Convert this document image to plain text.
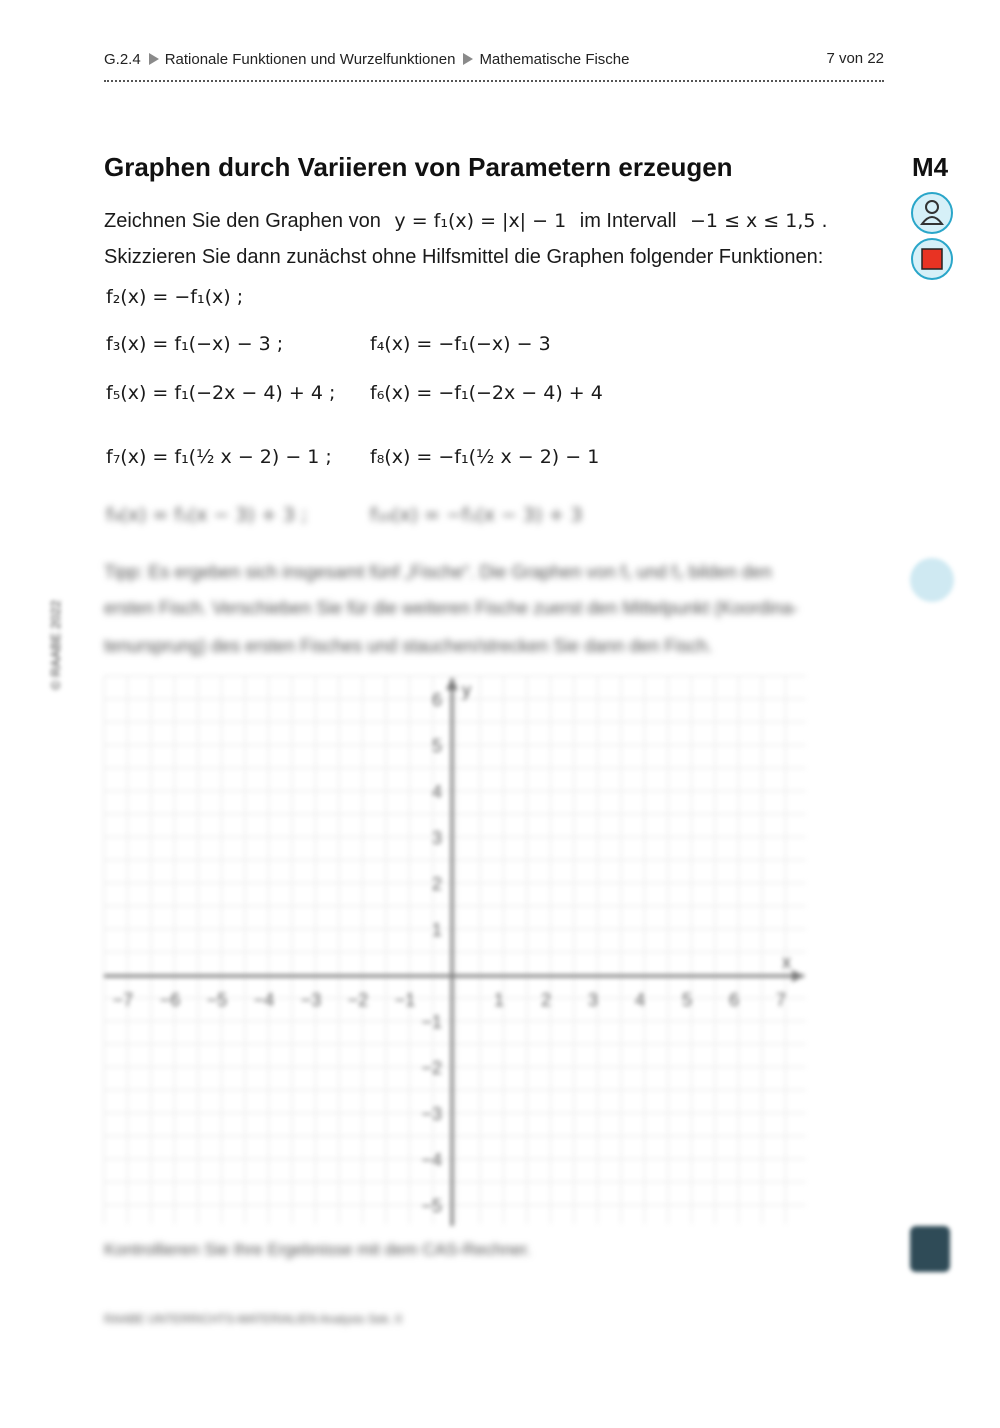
G.2.4 Rationale Funktionen und Wurzelfunktionen Mathematische Fische	7 von 22
Graphen durch Variieren von Parametern erzeugen	M4
Zeichnen Sie den Graphen von y = f₁(x) = |x| − 1 im Intervall −1 ≤ x ≤ 1,5 .
Skizzieren Sie dann zunächst ohne Hilfsmittel die Graphen folgender Funktionen:
f₂(x) = −f₁(x) ;
f₃(x) = f₁(−x) − 3 ;	f₄(x) = −f₁(−x) − 3
f₅(x) = f₁(−2x − 4) + 4 ; f₆(x) = −f₁(−2x − 4) + 4
f₇(x) = f₁(½ x − 2) − 1 ; f₈(x) = −f₁(½ x − 2) − 1
f₉(x) = f₁(x − 3) + 3 ;	f₁₀(x) = −f₁(x − 3) + 3
Tipp: Es ergeben sich insgesamt fünf „Fische“. Die Graphen von f₁ und f₂ bilden den
ersten Fisch. Verschieben Sie für die weiteren Fische zuerst den Mittelpunkt (Koordina-
tenursprung) des ersten Fisches und stauchen/strecken Sie dann den Fisch.
x
y
−7 −6 −5 −4 −3 −2 −1	1 2 3 4 5 6 7
6
5
4
3
2
1
−1
−2
−3
−4
−5
Kontrollieren Sie Ihre Ergebnisse mit dem CAS-Rechner.
RAABE UNTERRICHTS-MATERIALIEN Analysis Sek. II
© RAABE 2022
